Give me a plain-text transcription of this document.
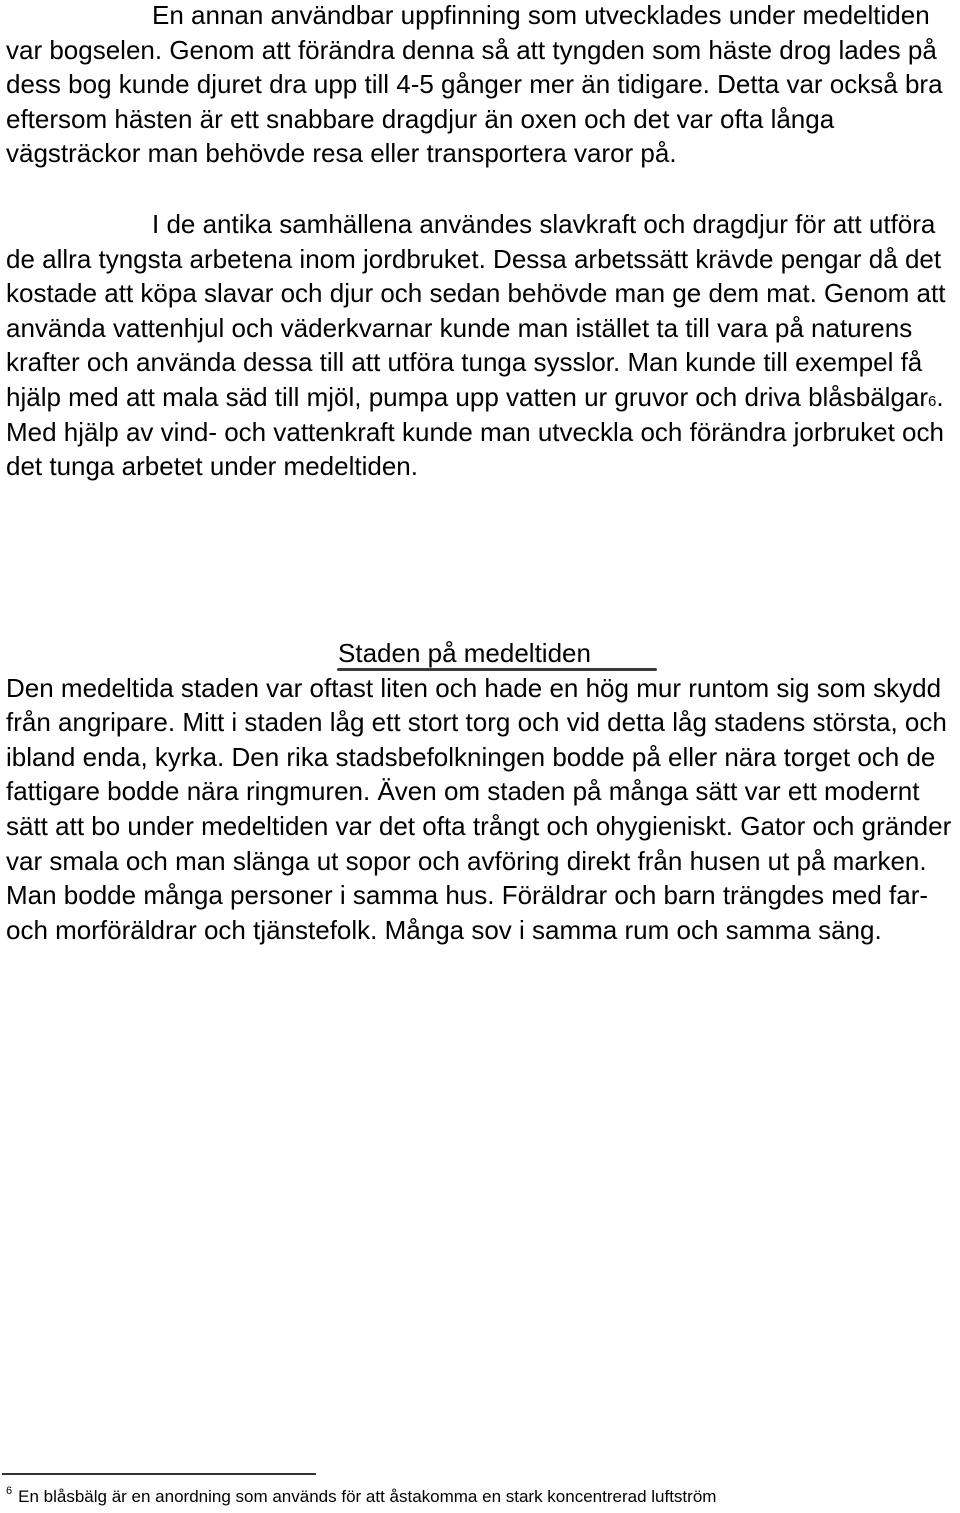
En annan användbar uppfinning som utvecklades under medeltiden var bogselen. Genom att förändra denna så att tyngden som häste drog lades på dess bog kunde djuret dra upp till 4-5 gånger mer än tidigare. Detta var också bra eftersom hästen är ett snabbare dragdjur än oxen och det var ofta långa vägsträckor man behövde resa eller transportera varor på.

I de antika samhällena användes slavkraft och dragdjur för att utföra de allra tyngsta arbetena inom jordbruket. Dessa arbetssätt krävde pengar då det kostade att köpa slavar och djur och sedan behövde man ge dem mat. Genom att använda vattenhjul och väderkvarnar kunde man istället ta till vara på naturens krafter och använda dessa till att utföra tunga sysslor. Man kunde till exempel få hjälp med att mala säd till mjöl, pumpa upp vatten ur gruvor och driva blåsbälgar6. Med hjälp av vind- och vattenkraft kunde man utveckla och förändra jorbruket och det tunga arbetet under medeltiden.

Staden på medeltiden

Den medeltida staden var oftast liten och hade en hög mur runtom sig som skydd från angripare. Mitt i staden låg ett stort torg och vid detta låg stadens största, och ibland enda, kyrka. Den rika stadsbefolkningen bodde på eller nära torget och de fattigare bodde nära ringmuren. Även om staden på många sätt var ett modernt sätt att bo under medeltiden var det ofta trångt och ohygieniskt. Gator och gränder var smala och man slänga ut sopor och avföring direkt från husen ut på marken. Man bodde många personer i samma hus. Föräldrar och barn trängdes med far- och morföräldrar och tjänstefolk. Många sov i samma rum och samma säng.

$^6$ En blåsbälg är en anordning som används för att åstakomma en stark koncentrerad luftström
